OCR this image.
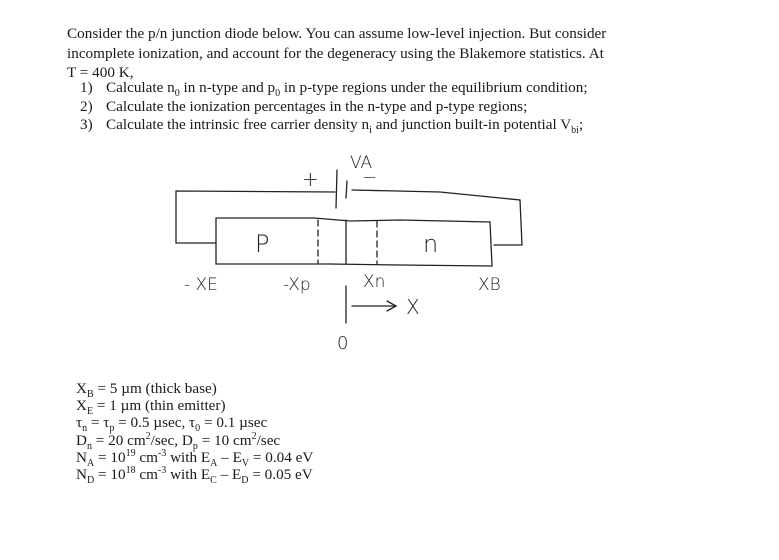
Consider the p/n junction diode below. You can assume low-level injection. But consider
incomplete ionization, and account for the degeneracy using the Blakemore statistics. At
T = 400 K,
1) Calculate $n_0$ in n-type and $p_0$ in p-type regions under the equilibrium condition;
2) Calculate the ionization percentages in the n-type and p-type regions;
3) Calculate the intrinsic free carrier density $n_i$ and junction built-in potential $V_{bi}$;
VA
+ −
P	n
- XE	-Xp	Xn	XB
X
0
$X_B = 5$ µm (thick base)
$X_E = 1$ µm (thin emitter)
$\tau_n = \tau_p = 0.5$ µsec, $\tau_0 = 0.1$ µsec
$D_n = 20$ $cm^2/\sec$, $D_p = 10$ $cm^2/\sec$
$N_A = 10^{19}$ $cm^{-3}$ with $E_A - E_V = 0.04$ eV
$N_D = 10^{18}$ $cm^{-3}$ with $E_C - E_D = 0.05$ eV
